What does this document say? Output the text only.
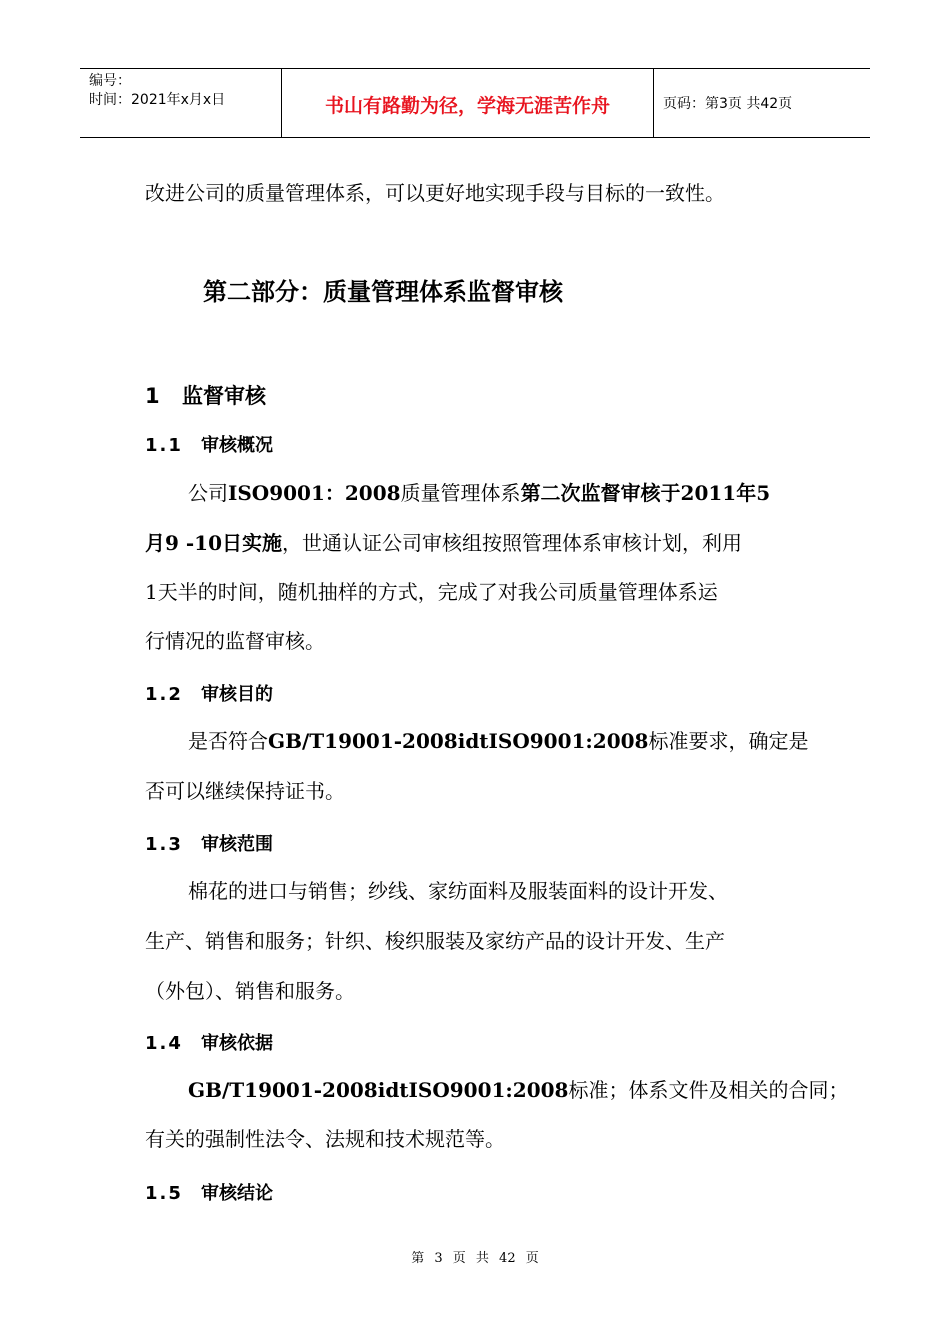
编号：
时间：2021年x月x日	书山有路勤为径，学海无涯苦作舟	页码：第3页 共42页
改进公司的质量管理体系，可以更好地实现手段与目标的一致性。
第二部分：质量管理体系监督审核
1 监督审核
1.1 审核概况
公司ISO9001：2008质量管理体系第二次监督审核于2011年5
月9 -10日实施，世通认证公司审核组按照管理体系审核计划，利用
1天半的时间，随机抽样的方式，完成了对我公司质量管理体系运
行情况的监督审核。
1.2 审核目的
是否符合GB/T19001-2008idtISO9001:2008标准要求，确定是
否可以继续保持证书。
1.3 审核范围
棉花的进口与销售；纱线、家纺面料及服装面料的设计开发、
生产、销售和服务；针织、梭织服装及家纺产品的设计开发、生产
（外包）、销售和服务。
1.4 审核依据
GB/T19001-2008idtISO9001:2008标准；体系文件及相关的合同；
有关的强制性法令、法规和技术规范等。
1.5 审核结论
第 3 页 共 42 页
